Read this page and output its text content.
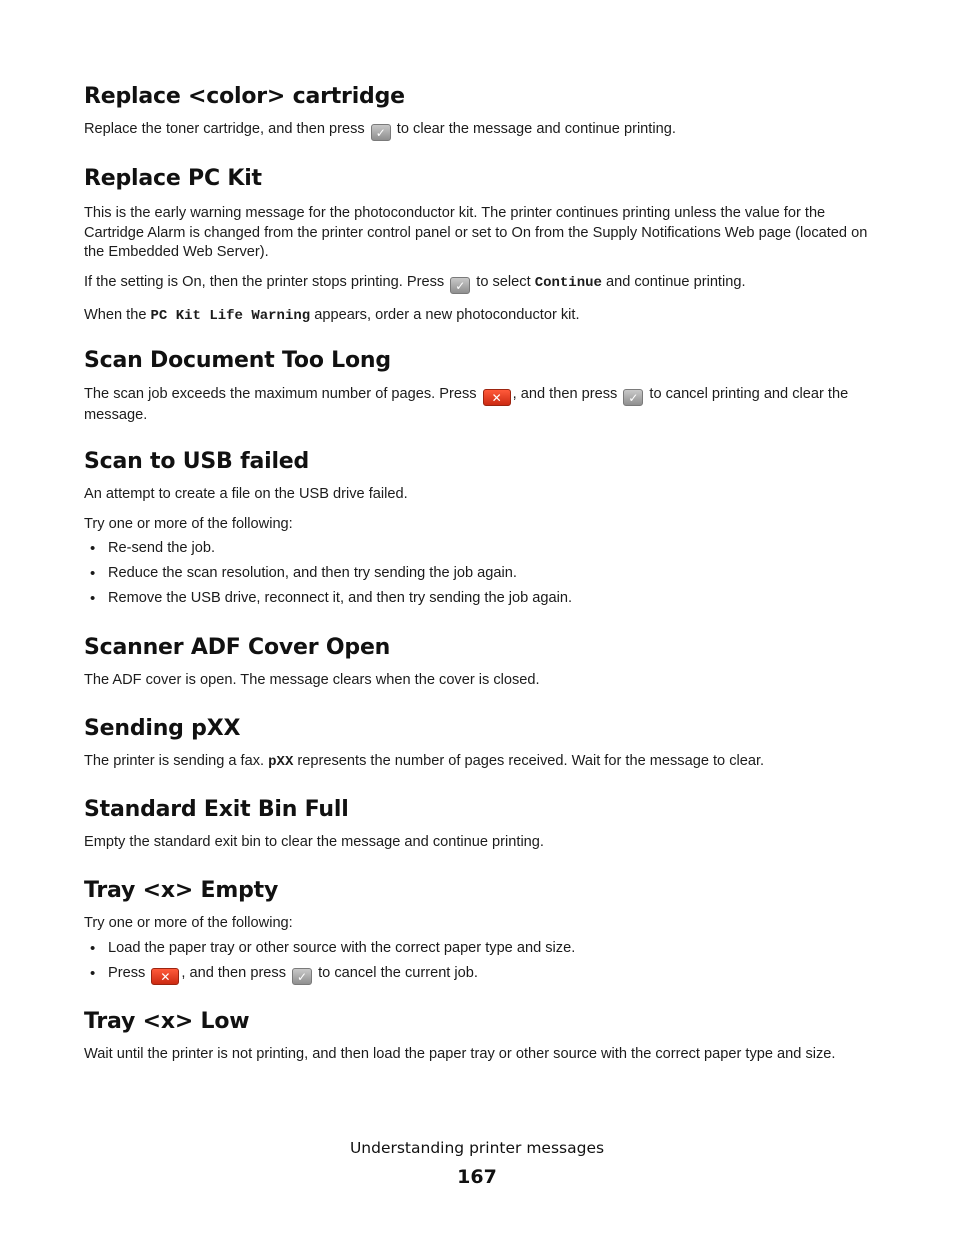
Replace <color> cartridge

Replace the toner cartridge, and then press ✓ to clear the message and continue printing.

Replace PC Kit

This is the early warning message for the photoconductor kit. The printer continues printing unless the value for the Cartridge Alarm is changed from the printer control panel or set to On from the Supply Notifications Web page (located on the Embedded Web Server).

If the setting is On, then the printer stops printing. Press ✓ to select Continue and continue printing.

When the PC Kit Life Warning appears, order a new photoconductor kit.

Scan Document Too Long

The scan job exceeds the maximum number of pages. Press ✕ , and then press ✓ to cancel printing and clear the message.

Scan to USB failed

An attempt to create a file on the USB drive failed.

Try one or more of the following:

• Re-send the job.
• Reduce the scan resolution, and then try sending the job again.
• Remove the USB drive, reconnect it, and then try sending the job again.
Scanner ADF Cover Open

The ADF cover is open. The message clears when the cover is closed.

Sending pXX

The printer is sending a fax. pXX represents the number of pages received. Wait for the message to clear.

Standard Exit Bin Full

Empty the standard exit bin to clear the message and continue printing.

Tray <x> Empty

Try one or more of the following:

• Load the paper tray or other source with the correct paper type and size.
• Press ✕ , and then press ✓ to cancel the current job.
Tray <x> Low

Wait until the printer is not printing, and then load the paper tray or other source with the correct paper type and size.

Understanding printer messages
167
